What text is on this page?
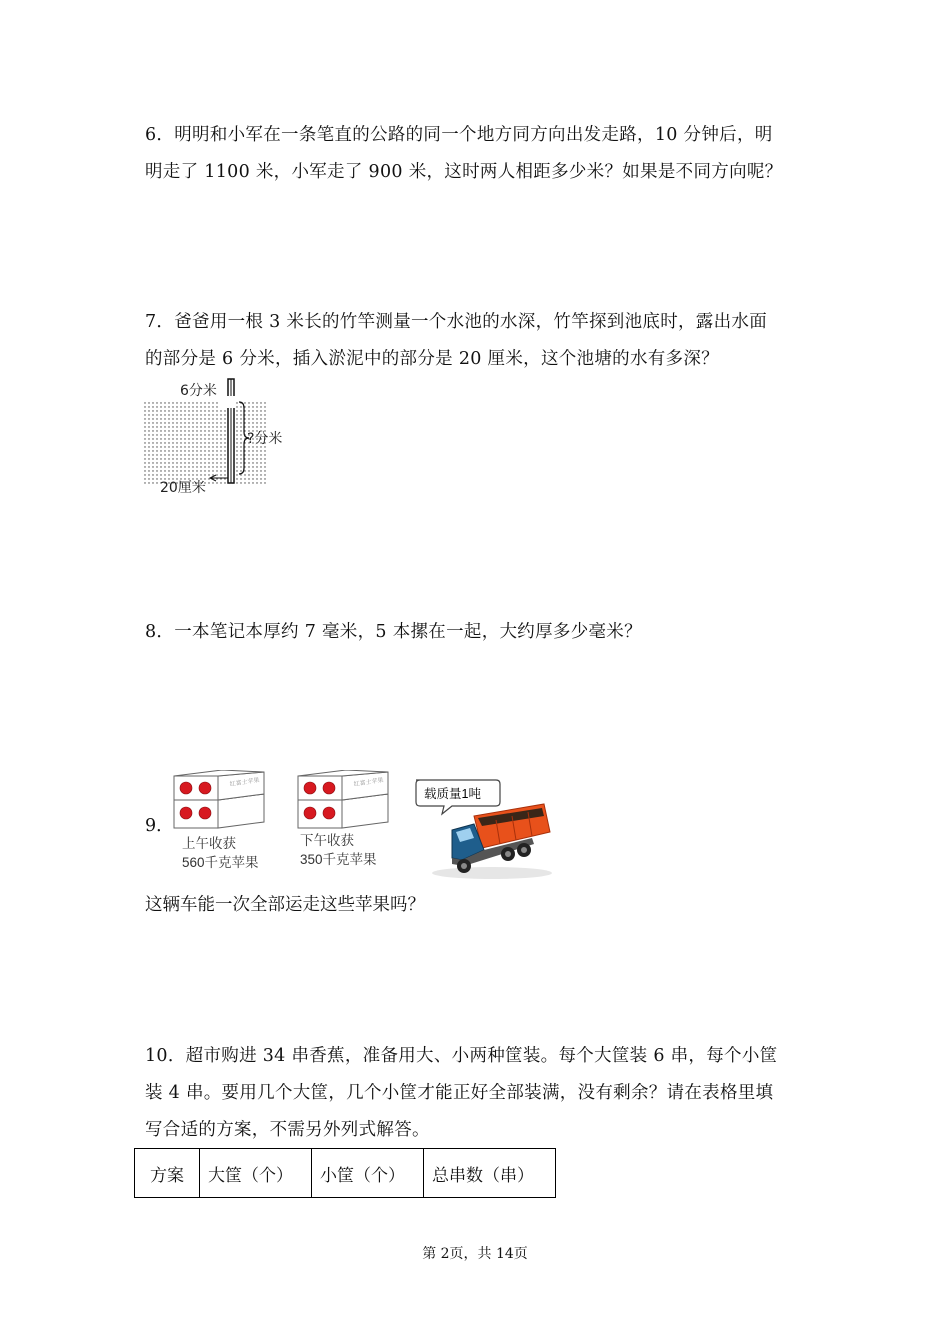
6．明明和小军在一条笔直的公路的同一个地方同方向出发走路，10 分钟后，明

明走了 1100 米，小军走了 900 米，这时两人相距多少米？如果是不同方向呢？

7．爸爸用一根 3 米长的竹竿测量一个水池的水深，竹竿探到池底时，露出水面

的部分是 6 分米，插入淤泥中的部分是 20 厘米，这个池塘的水有多深？

6分米
?分米
20厘米

8．一本笔记本厚约 7 毫米，5 本摞在一起，大约厚多少毫米？

9．
红富士苹果
上午收获
560千克苹果
红富士苹果
下午收获
350千克苹果
载质量1吨
这辆车能一次全部运走这些苹果吗？

10．超市购进 34 串香蕉，准备用大、小两种筐装。每个大筐装 6 串，每个小筐

装 4 串。要用几个大筐，几个小筐才能正好全部装满，没有剩余？请在表格里填

写合适的方案，不需另外列式解答。

方案	大筐（个）	小筐（个）	总串数（串）
第 2页，共 14页
